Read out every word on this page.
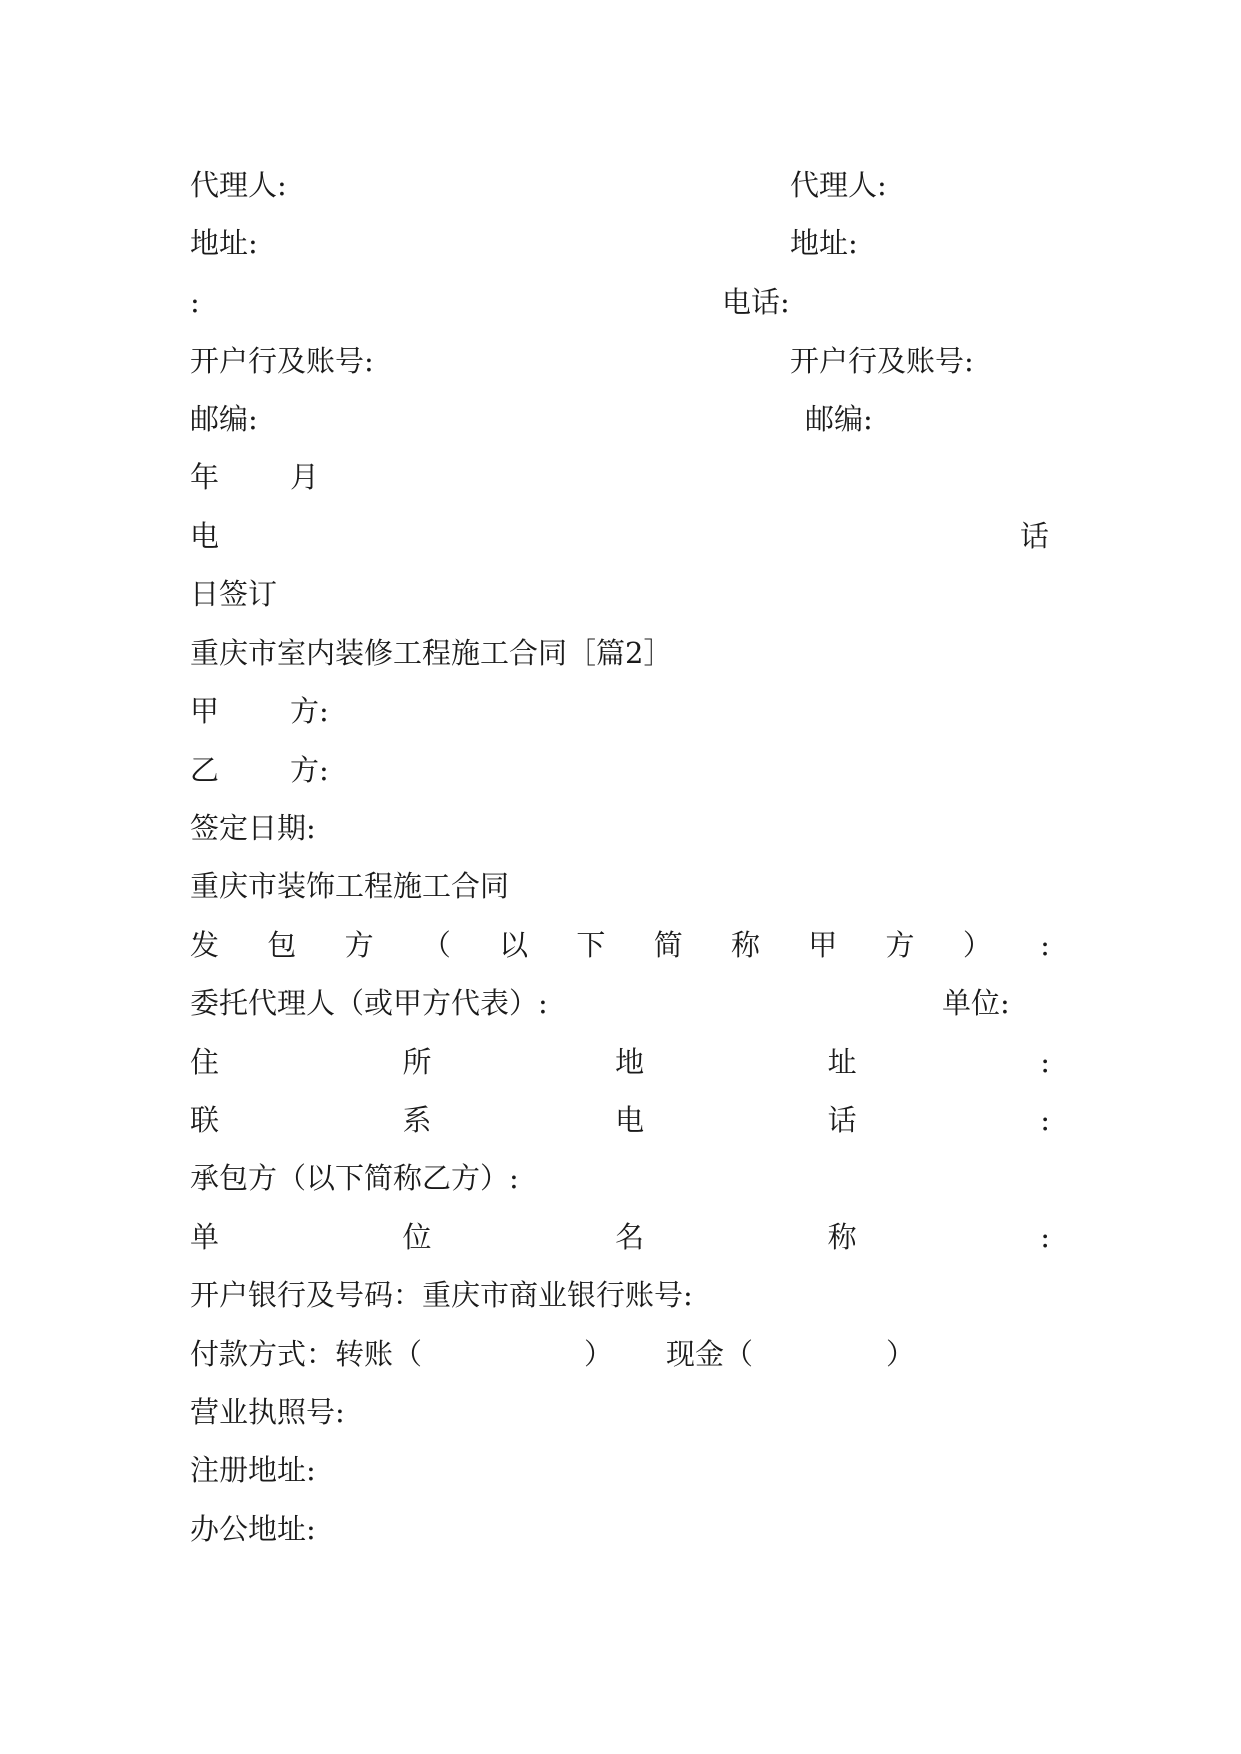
代理人:	代理人:
地址:	地址:
:	电话:
开户行及账号:	开户行及账号:
邮编:	邮编:
年 月
电	话
日签订
重庆市室内装修工程施工合同［篇2］
甲 方:
乙 方:
签定日期:
重庆市装饰工程施工合同
发 包 方 （ 以 下 简 称 甲 方 ） :
委托代理人（或甲方代表）:	单位:
住	所	地	址	:
联	系	电	话	:
承包方（以下简称乙方）:
单	位	名	称	:
开户银行及号码：重庆市商业银行账号:
付款方式：转账（	） 现金（	）
营业执照号:
注册地址:
办公地址:
